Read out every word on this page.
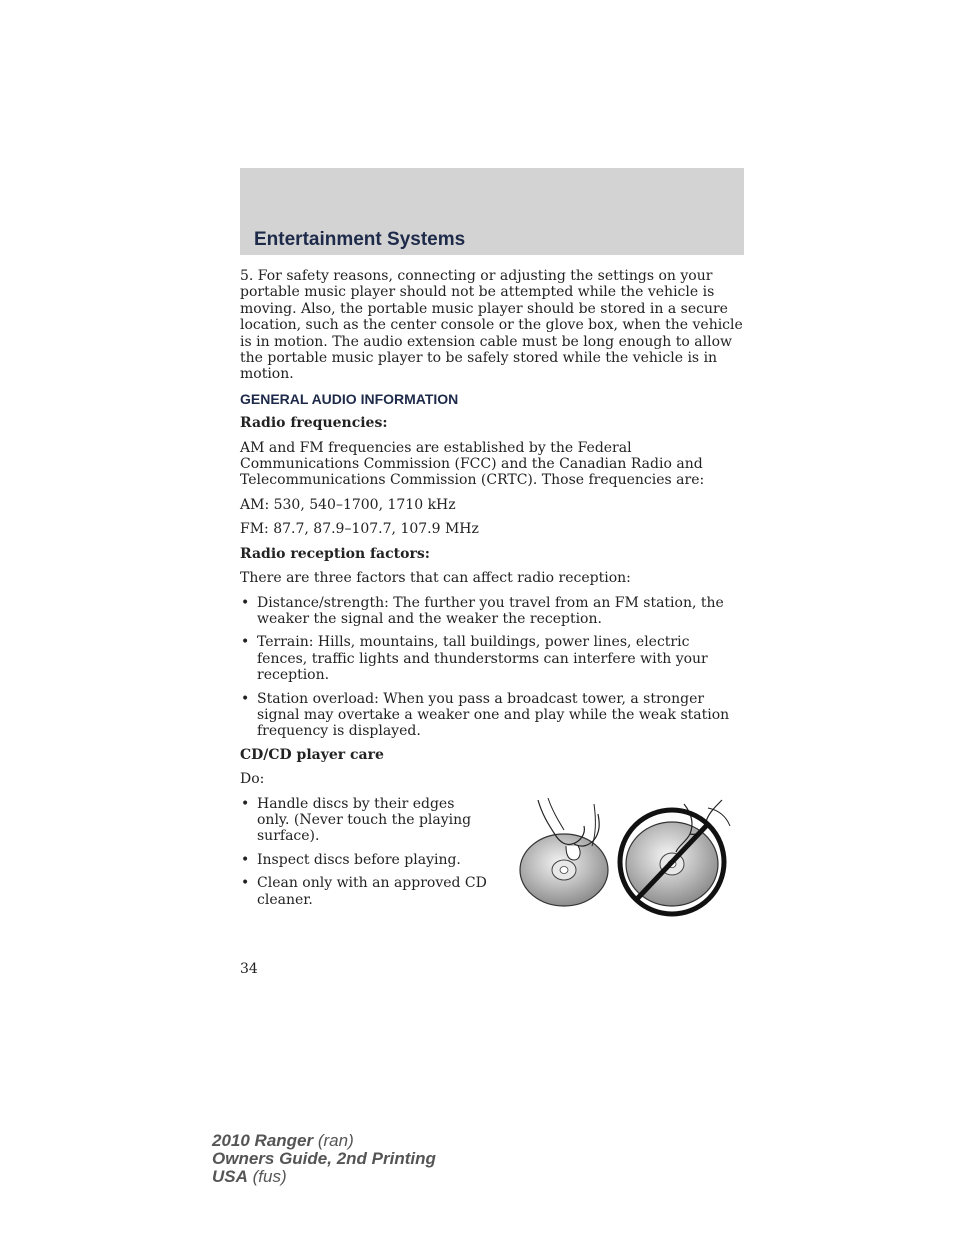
Entertainment Systems

5. For safety reasons, connecting or adjusting the settings on your portable music player should not be attempted while the vehicle is moving. Also, the portable music player should be stored in a secure location, such as the center console or the glove box, when the vehicle is in motion. The audio extension cable must be long enough to allow the portable music player to be safely stored while the vehicle is in motion.

GENERAL AUDIO INFORMATION

Radio frequencies:

AM and FM frequencies are established by the Federal Communications Commission (FCC) and the Canadian Radio and Telecommunications Commission (CRTC). Those frequencies are:

AM: 530, 540–1700, 1710 kHz

FM: 87.7, 87.9–107.7, 107.9 MHz

Radio reception factors:

There are three factors that can affect radio reception:

• Distance/strength: The further you travel from an FM station, the weaker the signal and the weaker the reception.
• Terrain: Hills, mountains, tall buildings, power lines, electric fences, traffic lights and thunderstorms can interfere with your reception.
• Station overload: When you pass a broadcast tower, a stronger signal may overtake a weaker one and play while the weak station frequency is displayed.

CD/CD player care

Do:

• Handle discs by their edges only. (Never touch the playing surface).
• Inspect discs before playing.
• Clean only with an approved CD cleaner.
34
2010 Ranger (ran)
Owners Guide, 2nd Printing
USA (fus)
